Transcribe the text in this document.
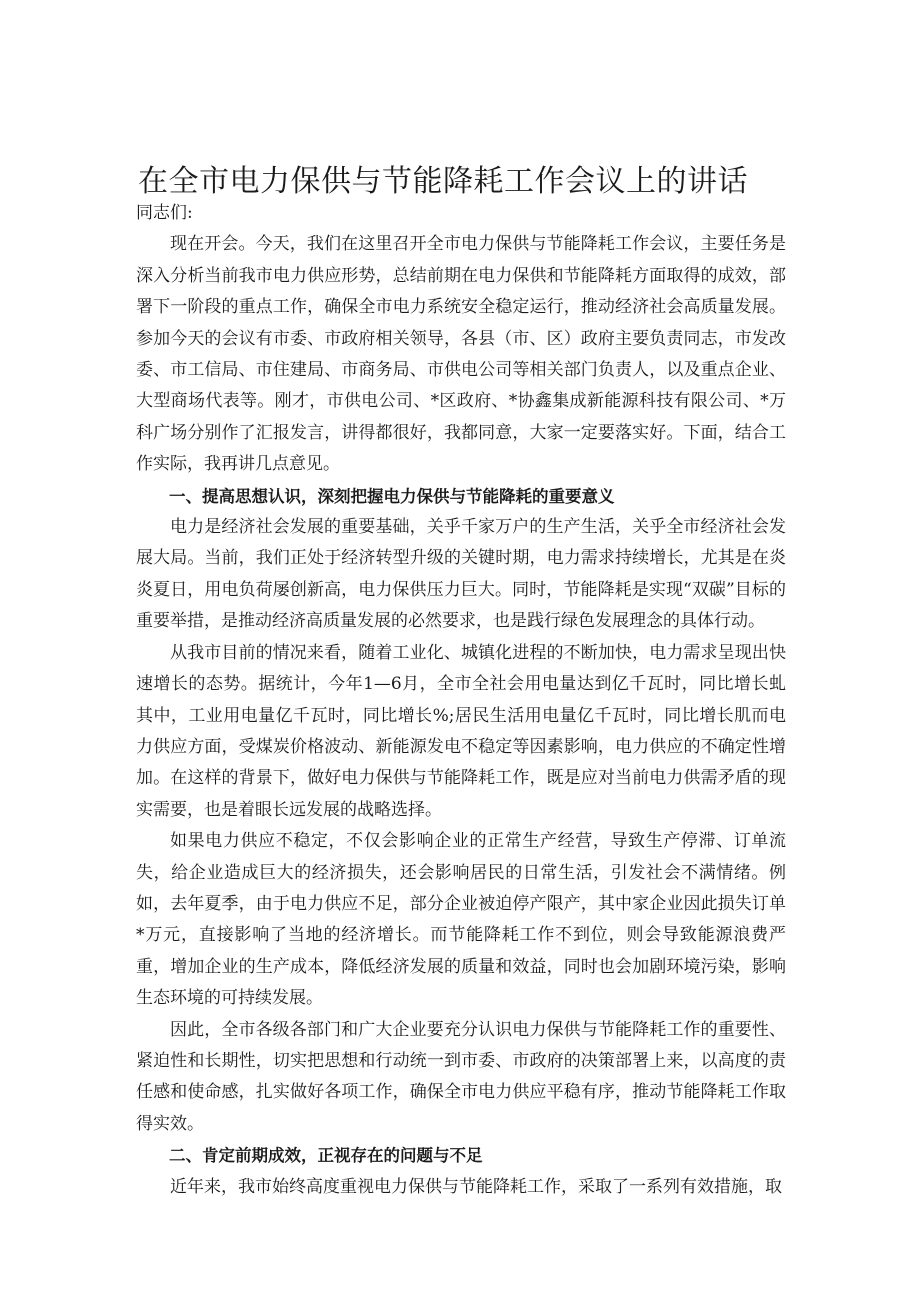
在全市电力保供与节能降耗工作会议上的讲话

同志们:

现在开会。今天，我们在这里召开全市电力保供与节能降耗工作会议，主要任务是深入分析当前我市电力供应形势，总结前期在电力保供和节能降耗方面取得的成效，部署下一阶段的重点工作，确保全市电力系统安全稳定运行，推动经济社会高质量发展。参加今天的会议有市委、市政府相关领导，各县（市、区）政府主要负责同志，市发改委、市工信局、市住建局、市商务局、市供电公司等相关部门负责人，以及重点企业、大型商场代表等。刚才，市供电公司、*区政府、*协鑫集成新能源科技有限公司、*万科广场分别作了汇报发言，讲得都很好，我都同意，大家一定要落实好。下面，结合工作实际，我再讲几点意见。

一、提高思想认识，深刻把握电力保供与节能降耗的重要意义

电力是经济社会发展的重要基础，关乎千家万户的生产生活，关乎全市经济社会发展大局。当前，我们正处于经济转型升级的关键时期，电力需求持续增长，尤其是在炎炎夏日，用电负荷屡创新高，电力保供压力巨大。同时，节能降耗是实现“双碳”目标的重要举措，是推动经济高质量发展的必然要求，也是践行绿色发展理念的具体行动。

从我市目前的情况来看，随着工业化、城镇化进程的不断加快，电力需求呈现出快速增长的态势。据统计，今年1—6月，全市全社会用电量达到亿千瓦时，同比增长虬其中，工业用电量亿千瓦时，同比增长%;居民生活用电量亿千瓦时，同比增长肌而电力供应方面，受煤炭价格波动、新能源发电不稳定等因素影响，电力供应的不确定性增加。在这样的背景下，做好电力保供与节能降耗工作，既是应对当前电力供需矛盾的现实需要，也是着眼长远发展的战略选择。

如果电力供应不稳定，不仅会影响企业的正常生产经营，导致生产停滞、订单流失，给企业造成巨大的经济损失，还会影响居民的日常生活，引发社会不满情绪。例如，去年夏季，由于电力供应不足，部分企业被迫停产限产，其中家企业因此损失订单*万元，直接影响了当地的经济增长。而节能降耗工作不到位，则会导致能源浪费严重，增加企业的生产成本，降低经济发展的质量和效益，同时也会加剧环境污染，影响生态环境的可持续发展。

因此，全市各级各部门和广大企业要充分认识电力保供与节能降耗工作的重要性、紧迫性和长期性，切实把思想和行动统一到市委、市政府的决策部署上来，以高度的责任感和使命感，扎实做好各项工作，确保全市电力供应平稳有序，推动节能降耗工作取得实效。

二、肯定前期成效，正视存在的问题与不足

近年来，我市始终高度重视电力保供与节能降耗工作，采取了一系列有效措施，取
